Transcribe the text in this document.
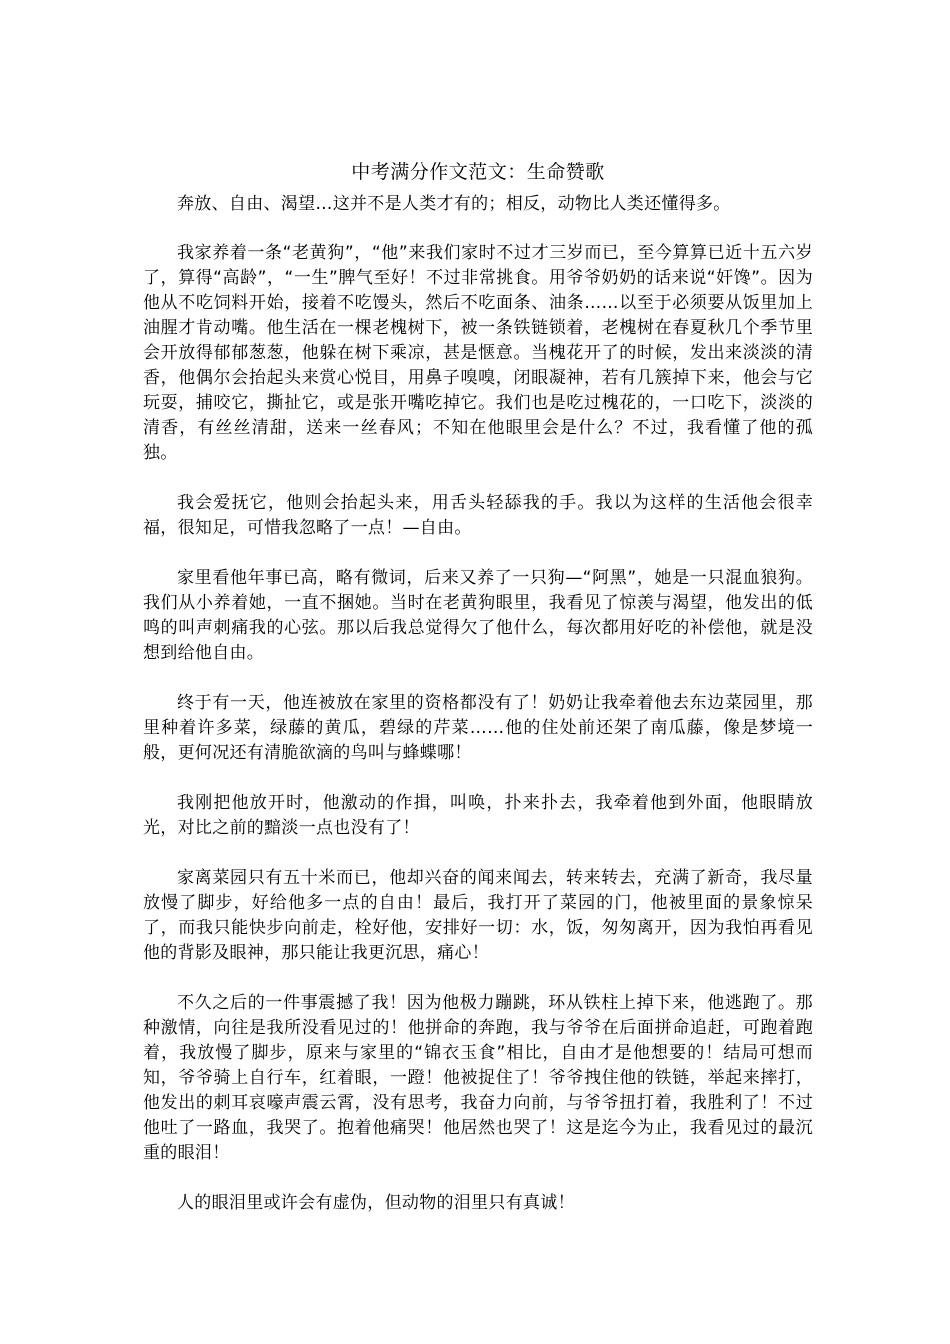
中考满分作文范文：生命赞歌

奔放、自由、渴望…这并不是人类才有的；相反，动物比人类还懂得多。

我家养着一条“老黄狗”，“他”来我们家时不过才三岁而已，至今算算已近十五六岁了，算得“高龄”，“一生”脾气至好！不过非常挑食。用爷爷奶奶的话来说“奸馋”。因为他从不吃饲料开始，接着不吃馒头，然后不吃面条、油条……以至于必须要从饭里加上油腥才肯动嘴。他生活在一棵老槐树下，被一条铁链锁着，老槐树在春夏秋几个季节里会开放得郁郁葱葱，他躲在树下乘凉，甚是惬意。当槐花开了的时候，发出来淡淡的清香，他偶尔会抬起头来赏心悦目，用鼻子嗅嗅，闭眼凝神，若有几簇掉下来，他会与它玩耍，捕咬它，撕扯它，或是张开嘴吃掉它。我们也是吃过槐花的，一口吃下，淡淡的清香，有丝丝清甜，送来一丝春风；不知在他眼里会是什么？不过，我看懂了他的孤独。

我会爱抚它，他则会抬起头来，用舌头轻舔我的手。我以为这样的生活他会很幸福，很知足，可惜我忽略了一点！—自由。

家里看他年事已高，略有微词，后来又养了一只狗—“阿黑”，她是一只混血狼狗。我们从小养着她，一直不捆她。当时在老黄狗眼里，我看见了惊羡与渴望，他发出的低鸣的叫声刺痛我的心弦。那以后我总觉得欠了他什么，每次都用好吃的补偿他，就是没想到给他自由。

终于有一天，他连被放在家里的资格都没有了！奶奶让我牵着他去东边菜园里，那里种着许多菜，绿藤的黄瓜，碧绿的芹菜……他的住处前还架了南瓜藤，像是梦境一般，更何况还有清脆欲滴的鸟叫与蜂蝶哪！

我刚把他放开时，他激动的作揖，叫唤，扑来扑去，我牵着他到外面，他眼睛放光，对比之前的黯淡一点也没有了！

家离菜园只有五十米而已，他却兴奋的闻来闻去，转来转去，充满了新奇，我尽量放慢了脚步，好给他多一点的自由！最后，我打开了菜园的门，他被里面的景象惊呆了，而我只能快步向前走，栓好他，安排好一切：水，饭，匆匆离开，因为我怕再看见他的背影及眼神，那只能让我更沉思，痛心！

不久之后的一件事震撼了我！因为他极力蹦跳，环从铁柱上掉下来，他逃跑了。那种激情，向往是我所没看见过的！他拼命的奔跑，我与爷爷在后面拼命追赶，可跑着跑着，我放慢了脚步，原来与家里的“锦衣玉食”相比，自由才是他想要的！结局可想而知，爷爷骑上自行车，红着眼，一蹬！他被捉住了！爷爷拽住他的铁链，举起来摔打，他发出的刺耳哀嚎声震云霄，没有思考，我奋力向前，与爷爷扭打着，我胜利了！不过他吐了一路血，我哭了。抱着他痛哭！他居然也哭了！这是迄今为止，我看见过的最沉重的眼泪！

人的眼泪里或许会有虚伪，但动物的泪里只有真诚！
